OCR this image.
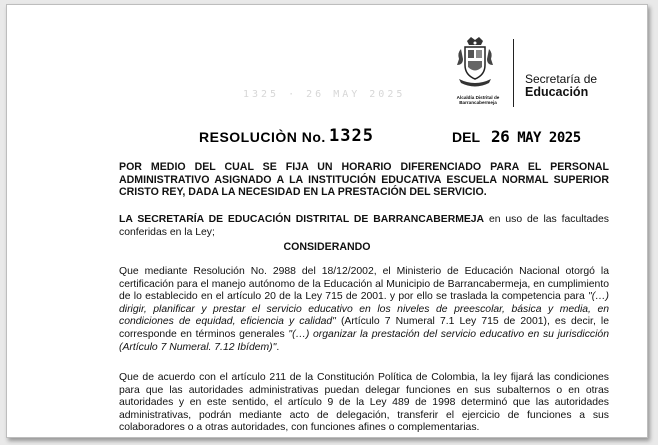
Alcaldía Distrital de
Barrancabermeja
Secretaría de
Educación
1325 · 26 MAY 2025
RESOLUCIÒN No. 1325	DEL 26 MAY 2025
POR MEDIO DEL CUAL SE FIJA UN HORARIO DIFERENCIADO PARA EL PERSONAL ADMINISTRATIVO ASIGNADO A LA INSTITUCIÓN EDUCATIVA ESCUELA NORMAL SUPERIOR CRISTO REY, DADA LA NECESIDAD EN LA PRESTACIÓN DEL SERVICIO.
LA SECRETARÍA DE EDUCACIÓN DISTRITAL DE BARRANCABERMEJA en uso de las facultades conferidas en la Ley;
CONSIDERANDO
Que mediante Resolución No. 2988 del 18/12/2002, el Ministerio de Educación Nacional otorgó la certificación para el manejo autónomo de la Educación al Municipio de Barrancabermeja, en cumplimiento de lo establecido en el artículo 20 de la Ley 715 de 2001. y por ello se traslada la competencia para "(…) dirigir, planificar y prestar el servicio educativo en los niveles de preescolar, básica y media, en condiciones de equidad, eficiencia y calidad" (Artículo 7 Numeral 7.1 Ley 715 de 2001), es decir, le corresponde en términos generales "(…) organizar la prestación del servicio educativo en su jurisdicción (Artículo 7 Numeral. 7.12 Ibídem)".
Que de acuerdo con el artículo 211 de la Constitución Política de Colombia, la ley fijará las condiciones para que las autoridades administrativas puedan delegar funciones en sus subalternos o en otras autoridades y en este sentido, el artículo 9 de la Ley 489 de 1998 determinó que las autoridades administrativas, podrán mediante acto de delegación, transferir el ejercicio de funciones a sus colaboradores o a otras autoridades, con funciones afines o complementarias.
